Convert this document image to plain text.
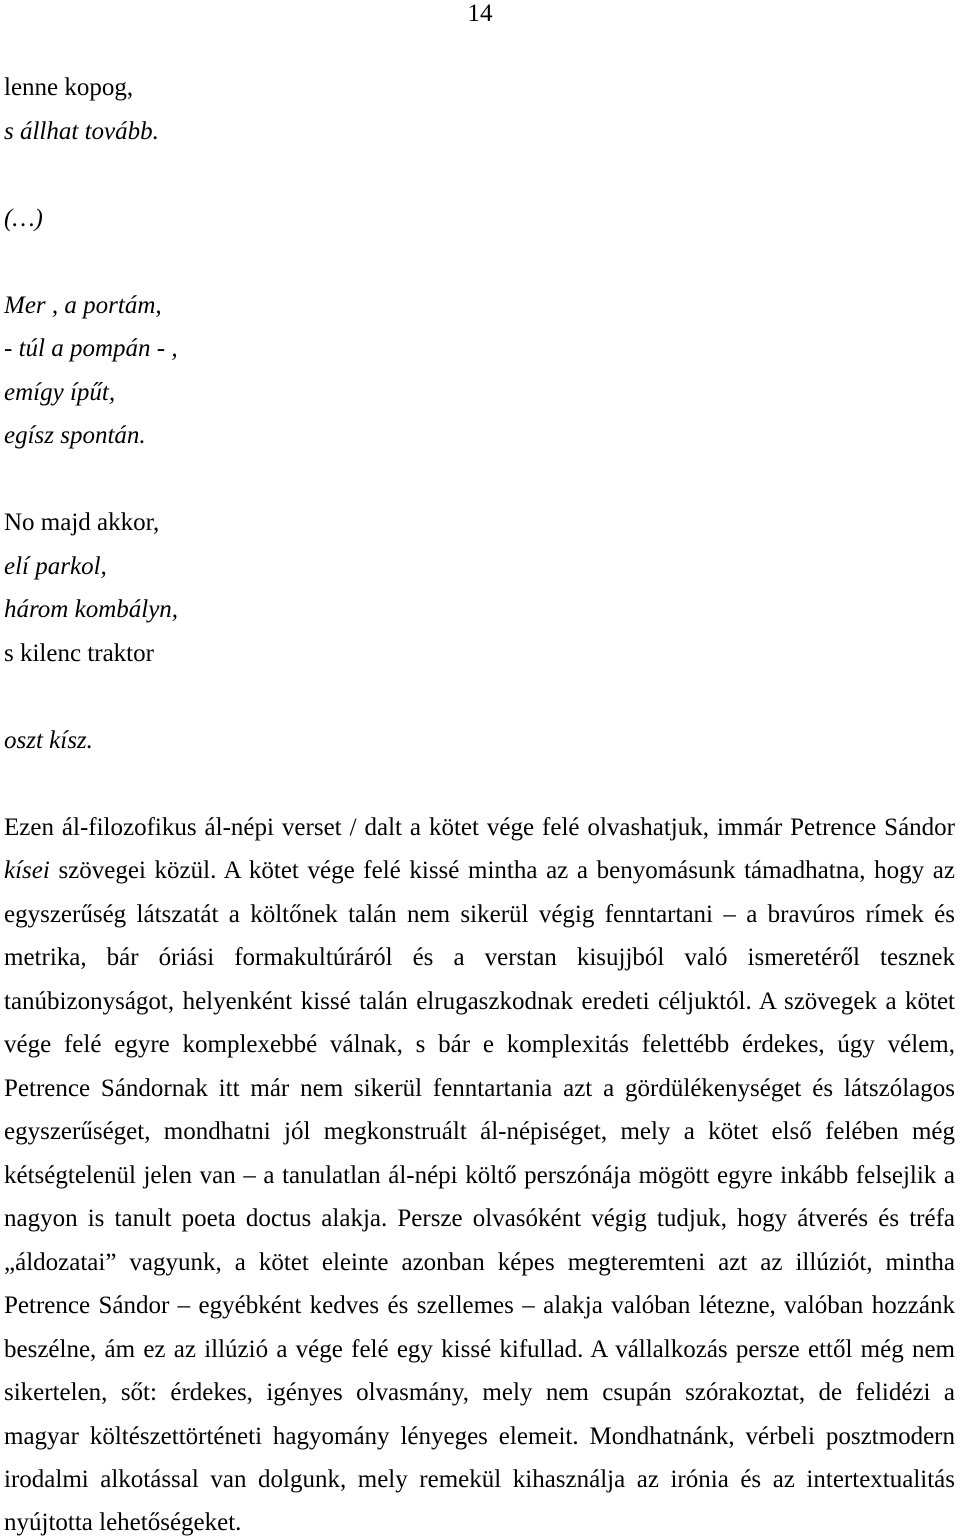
14
lenne kopog,
s állhat tovább.
(…)
Mer , a portám,
- túl a pompán - ,
emígy ípűt,
egísz spontán.
No majd akkor,
elí parkol,
három kombályn,
s kilenc traktor
oszt kísz.
Ezen ál-filozofikus ál-népi verset / dalt a kötet vége felé olvashatjuk, immár Petrence Sándor
kísei szövegei közül. A kötet vége felé kissé mintha az a benyomásunk támadhatna, hogy az
egyszerűség látszatát a költőnek talán nem sikerül végig fenntartani – a bravúros rímek és
metrika, bár óriási formakultúráról és a verstan kisujjból való ismeretéről tesznek
tanúbizonyságot, helyenként kissé talán elrugaszkodnak eredeti céljuktól. A szövegek a kötet
vége felé egyre komplexebbé válnak, s bár e komplexitás felettébb érdekes, úgy vélem,
Petrence Sándornak itt már nem sikerül fenntartania azt a gördülékenységet és látszólagos
egyszerűséget, mondhatni jól megkonstruált ál-népiséget, mely a kötet első felében még
kétségtelenül jelen van – a tanulatlan ál-népi költő perszónája mögött egyre inkább felsejlik a
nagyon is tanult poeta doctus alakja. Persze olvasóként végig tudjuk, hogy átverés és tréfa
„áldozatai” vagyunk, a kötet eleinte azonban képes megteremteni azt az illúziót, mintha
Petrence Sándor – egyébként kedves és szellemes – alakja valóban létezne, valóban hozzánk
beszélne, ám ez az illúzió a vége felé egy kissé kifullad. A vállalkozás persze ettől még nem
sikertelen, sőt: érdekes, igényes olvasmány, mely nem csupán szórakoztat, de felidézi a
magyar költészettörténeti hagyomány lényeges elemeit. Mondhatnánk, vérbeli posztmodern
irodalmi alkotással van dolgunk, mely remekül kihasználja az irónia és az intertextualitás
nyújtotta lehetőségeket.
